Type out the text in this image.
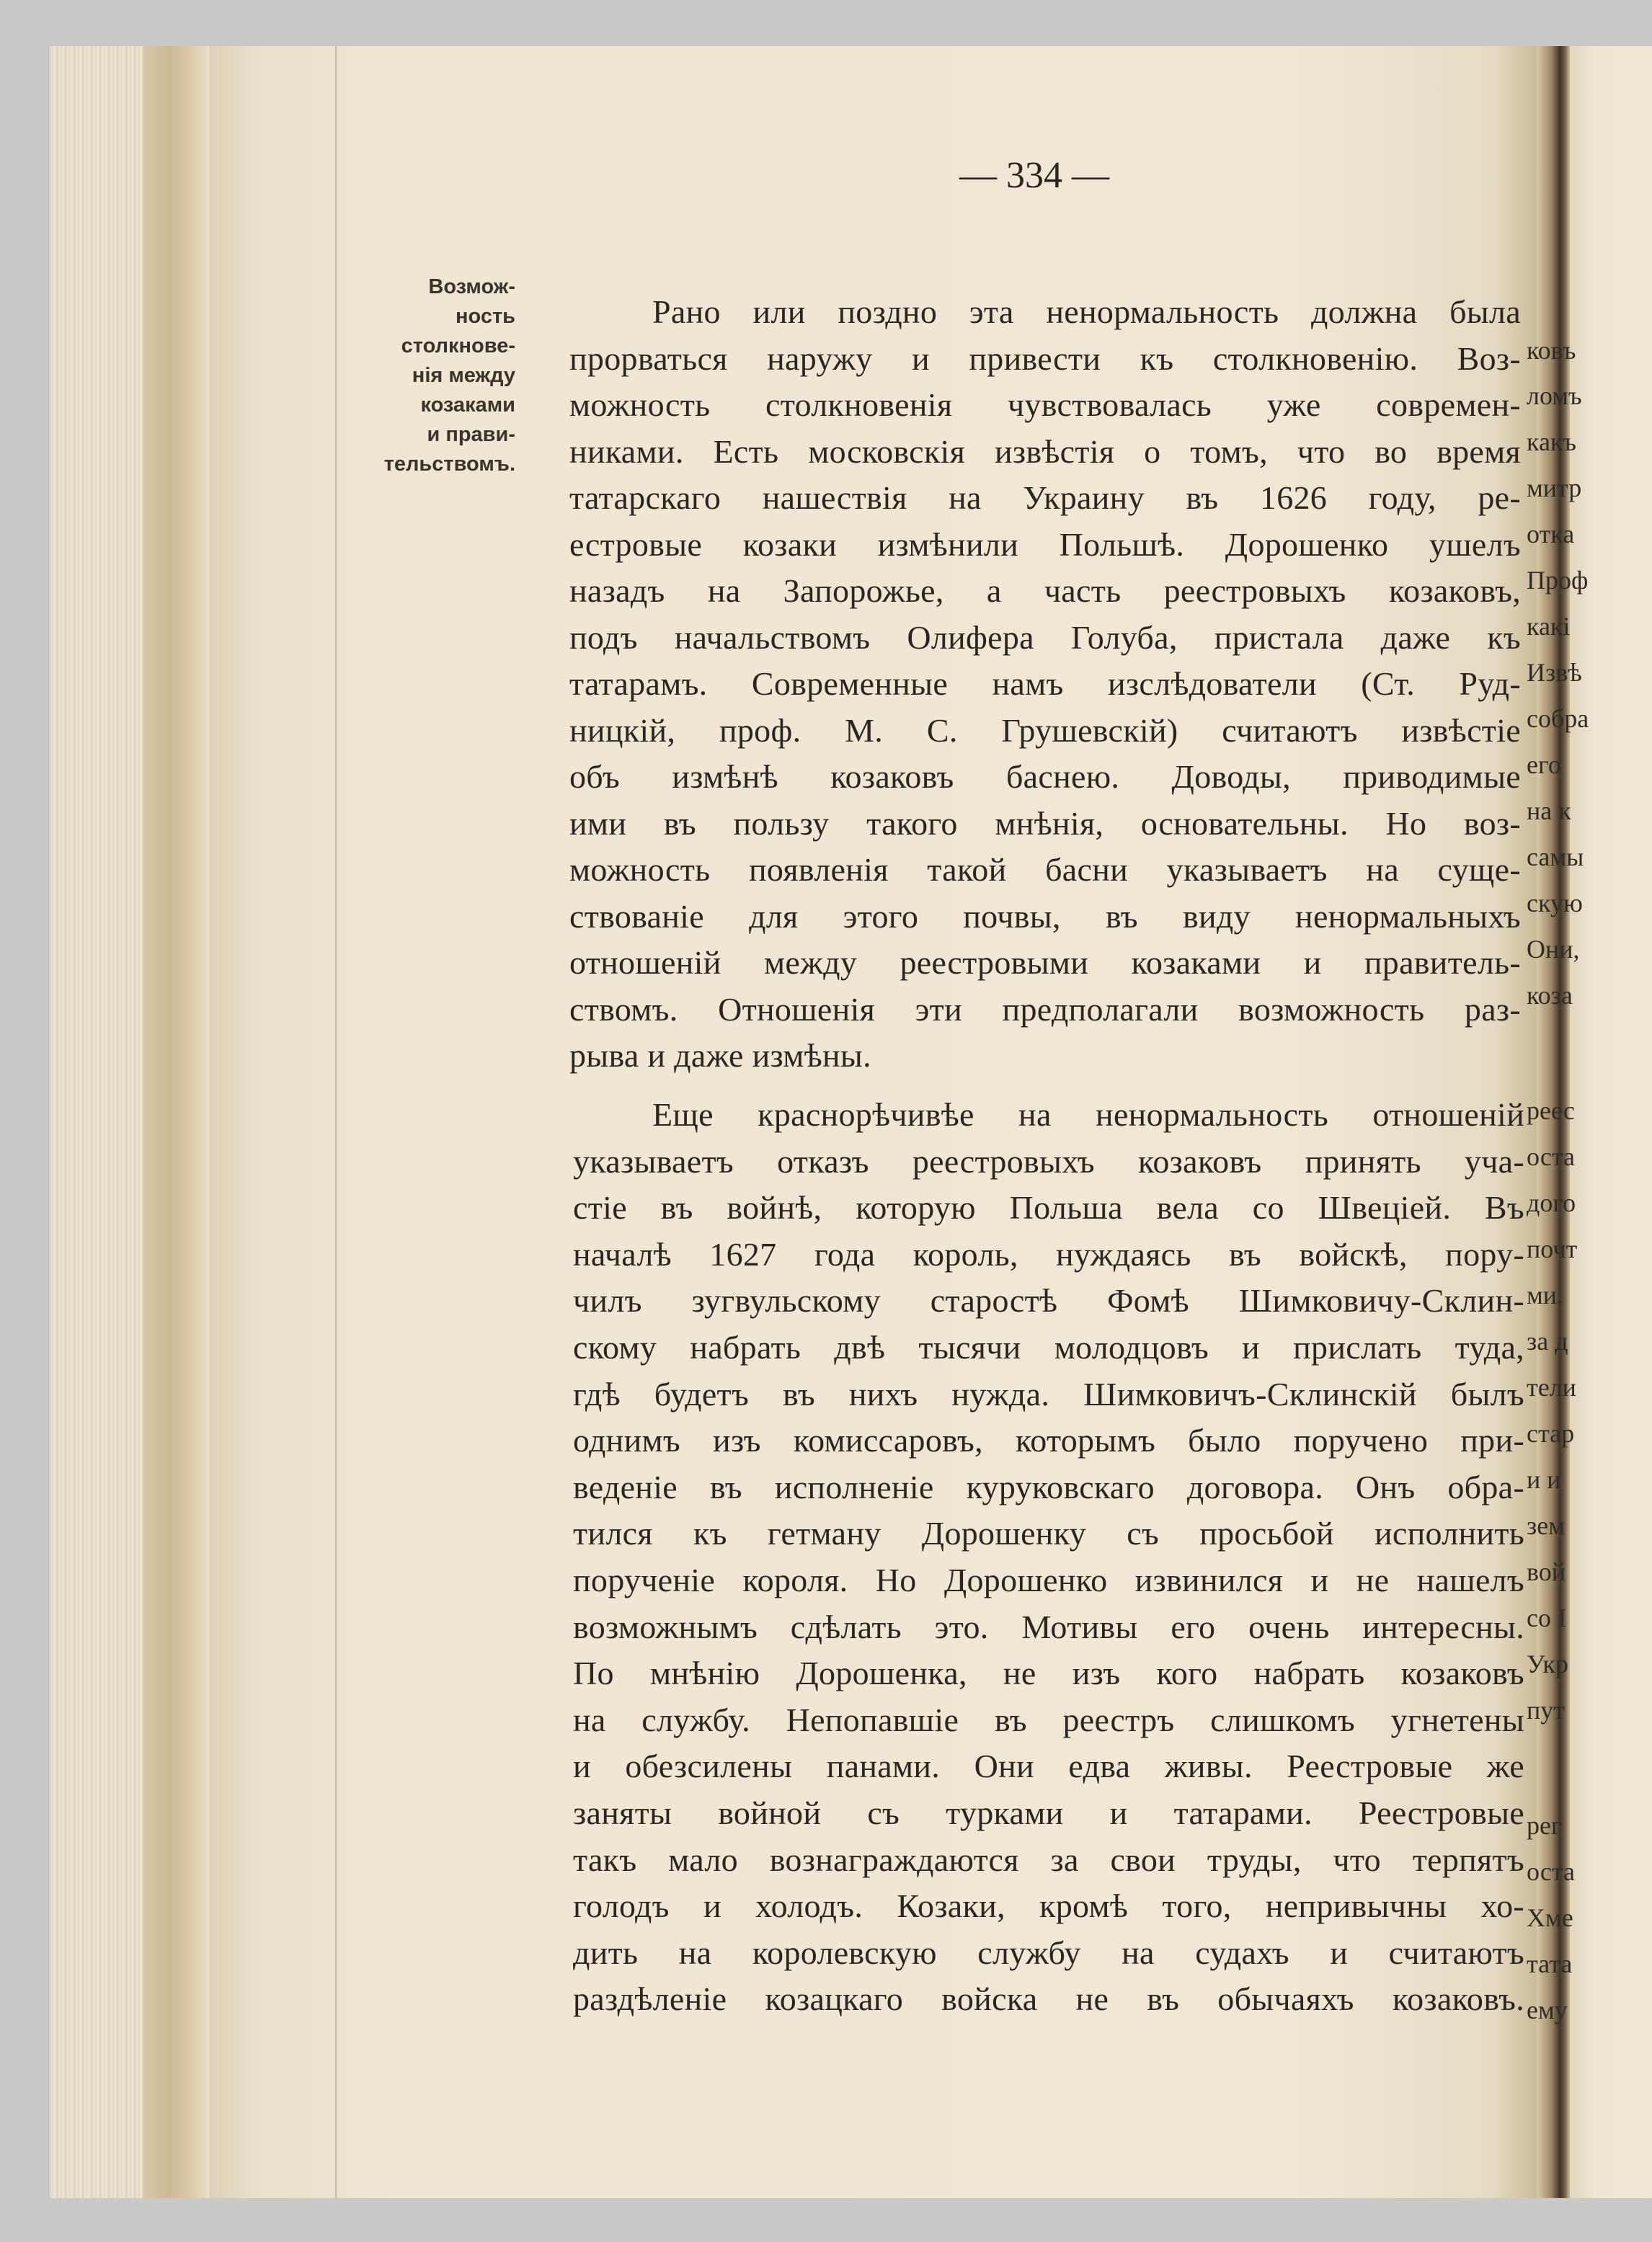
— 334 —
Возмож-
ность
столкнове-
нія между
козаками
и прави-
тельствомъ.
Рано или поздно эта ненормальность должна была
прорваться наружу и привести къ столкновенію. Воз-
можность столкновенія чувствовалась уже современ-
никами. Есть московскія извѣстія о томъ, что во время
татарскаго нашествія на Украину въ 1626 году, ре-
естровые козаки измѣнили Польшѣ. Дорошенко ушелъ
назадъ на Запорожье, а часть реестровыхъ козаковъ,
подъ начальствомъ Олифера Голуба, пристала даже къ
татарамъ. Современные намъ изслѣдователи (Ст. Руд-
ницкій, проф. М. С. Грушевскій) считаютъ извѣстіе
объ измѣнѣ козаковъ баснею. Доводы, приводимые
ими въ пользу такого мнѣнія, основательны. Но воз-
можность появленія такой басни указываетъ на суще-
ствованіе для этого почвы, въ виду ненормальныхъ
отношеній между реестровыми козаками и правитель-
ствомъ. Отношенія эти предполагали возможность раз-
рыва и даже измѣны.
Еще краснорѣчивѣе на ненормальность отношеній
указываетъ отказъ реестровыхъ козаковъ принять уча-
стіе въ войнѣ, которую Польша вела со Швеціей. Въ
началѣ 1627 года король, нуждаясь въ войскѣ, пору-
чилъ зугвульскому старостѣ Фомѣ Шимковичу-Склин-
скому набрать двѣ тысячи молодцовъ и прислать туда,
гдѣ будетъ въ нихъ нужда. Шимковичъ-Склинскій былъ
однимъ изъ комиссаровъ, которымъ было поручено при-
веденіе въ исполненіе куруковскаго договора. Онъ обра-
тился къ гетману Дорошенку съ просьбой исполнить
порученіе короля. Но Дорошенко извинился и не нашелъ
возможнымъ сдѣлать это. Мотивы его очень интересны.
По мнѣнію Дорошенка, не изъ кого набрать козаковъ
на службу. Непопавшіе въ реестръ слишкомъ угнетены
и обезсилены панами. Они едва живы. Реестровые же
заняты войной съ турками и татарами. Реестровые
такъ мало вознаграждаются за свои труды, что терпятъ
голодъ и холодъ. Козаки, кромѣ того, непривычны хо-
дить на королевскую службу на судахъ и считаютъ
раздѣленіе козацкаго войска не въ обычаяхъ козаковъ.
ковъ
ломъ
какъ
митр
отка
Проф
какі
Извѣ
собра
его
на к
самы
скую
Они,
коза
реес
оста
дого
почт
ми.
за д
тели
стар
и и
зем
вой
со І
Укр
пут
рег
оста
Хме
тата
ему
